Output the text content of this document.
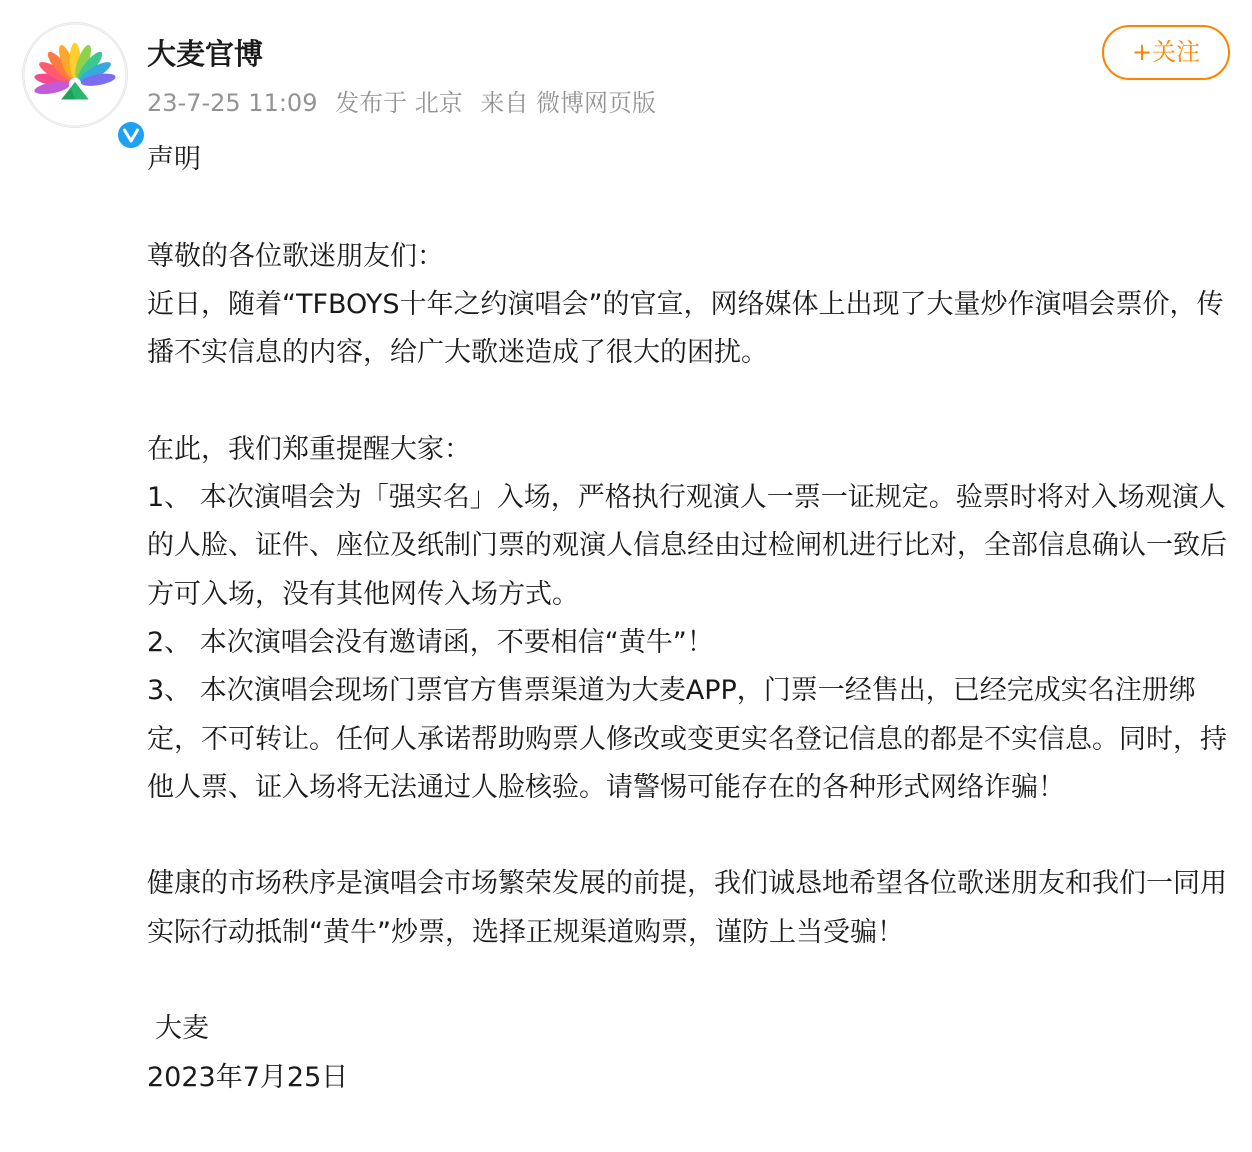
大麦官博
23-7-25 11:09 发布于 北京 来自 微博网页版
+关注

声明

尊敬的各位歌迷朋友们：

近日，随着“TFBOYS十年之约演唱会”的官宣，网络媒体上出现了大量炒作演唱会票价，传播不实信息的内容，给广大歌迷造成了很大的困扰。

在此，我们郑重提醒大家：

1、 本次演唱会为「强实名」入场，严格执行观演人一票一证规定。验票时将对入场观演人的人脸、证件、座位及纸制门票的观演人信息经由过检闸机进行比对，全部信息确认一致后方可入场，没有其他网传入场方式。

2、 本次演唱会没有邀请函，不要相信“黄牛”！

3、 本次演唱会现场门票官方售票渠道为大麦APP，门票一经售出，已经完成实名注册绑定，不可转让。任何人承诺帮助购票人修改或变更实名登记信息的都是不实信息。同时，持他人票、证入场将无法通过人脸核验。请警惕可能存在的各种形式网络诈骗！

健康的市场秩序是演唱会市场繁荣发展的前提，我们诚恳地希望各位歌迷朋友和我们一同用实际行动抵制“黄牛”炒票，选择正规渠道购票，谨防上当受骗！

大麦

2023年7月25日
